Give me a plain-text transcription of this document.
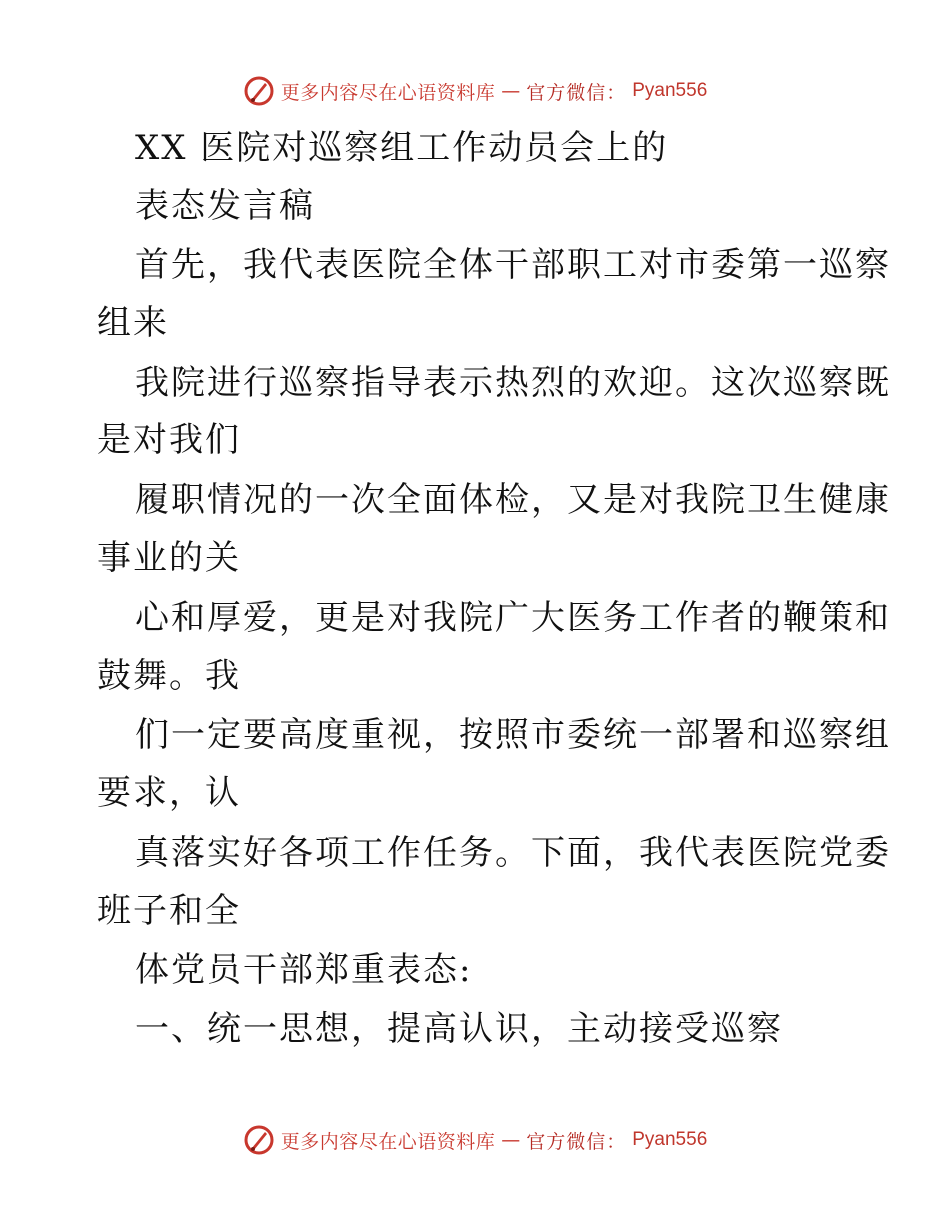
更多内容尽在心语资料库 — 官方微信： Pyan556
XX 医院对巡察组工作动员会上的
表态发言稿
首先，我代表医院全体干部职工对市委第一巡察
组来
我院进行巡察指导表示热烈的欢迎。这次巡察既
是对我们
履职情况的一次全面体检，又是对我院卫生健康
事业的关
心和厚爱，更是对我院广大医务工作者的鞭策和
鼓舞。我
们一定要高度重视，按照市委统一部署和巡察组
要求，认
真落实好各项工作任务。下面，我代表医院党委
班子和全
体党员干部郑重表态:
一、统一思想，提高认识，主动接受巡察
更多内容尽在心语资料库 — 官方微信： Pyan556
